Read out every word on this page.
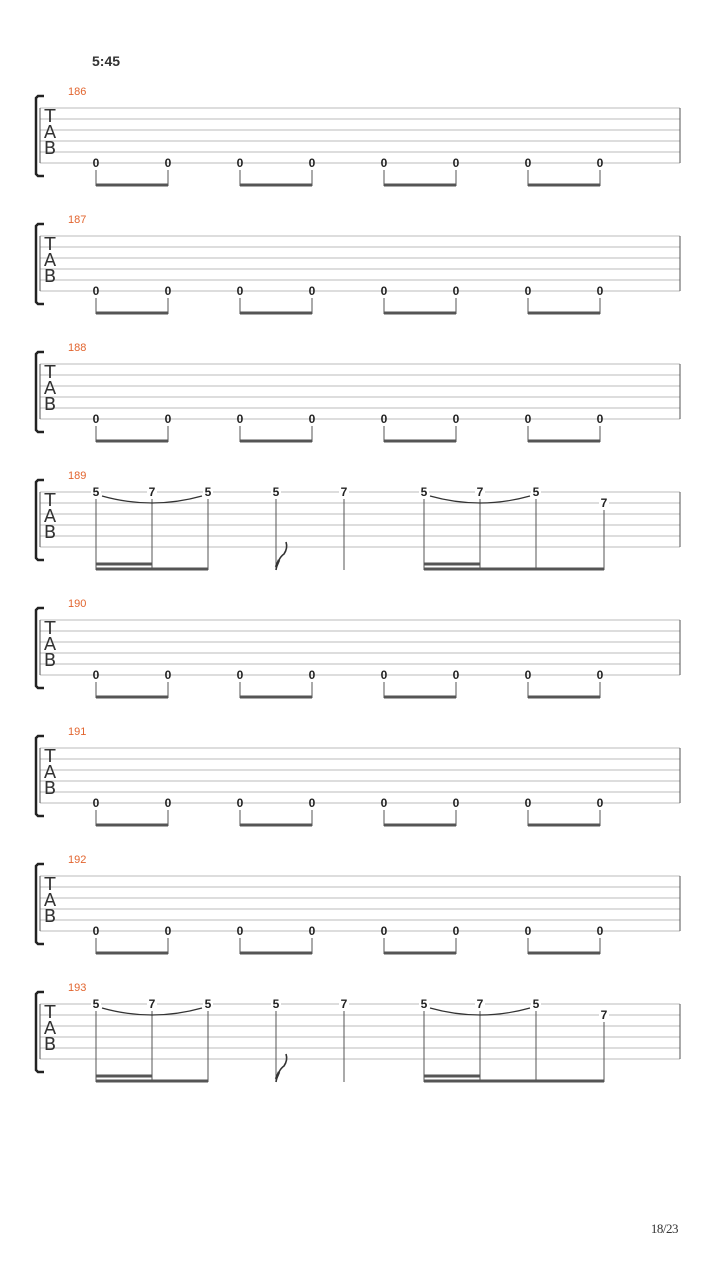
5:45
186
T
A
B
0	0	0	0	0	0	0	0
187
T
A
B
0	0	0	0	0	0	0	0
188
T
A
B
0	0	0	0	0	0	0	0
189
T
A
B
5	7	5	5	7	5	7	5
7
190
T
A
B
0	0	0	0	0	0	0	0
191
T
A
B
0	0	0	0	0	0	0	0
192
T
A
B
0	0	0	0	0	0	0	0
193
T
A
B
5	7	5	5	7	5	7	5
7
18/23
